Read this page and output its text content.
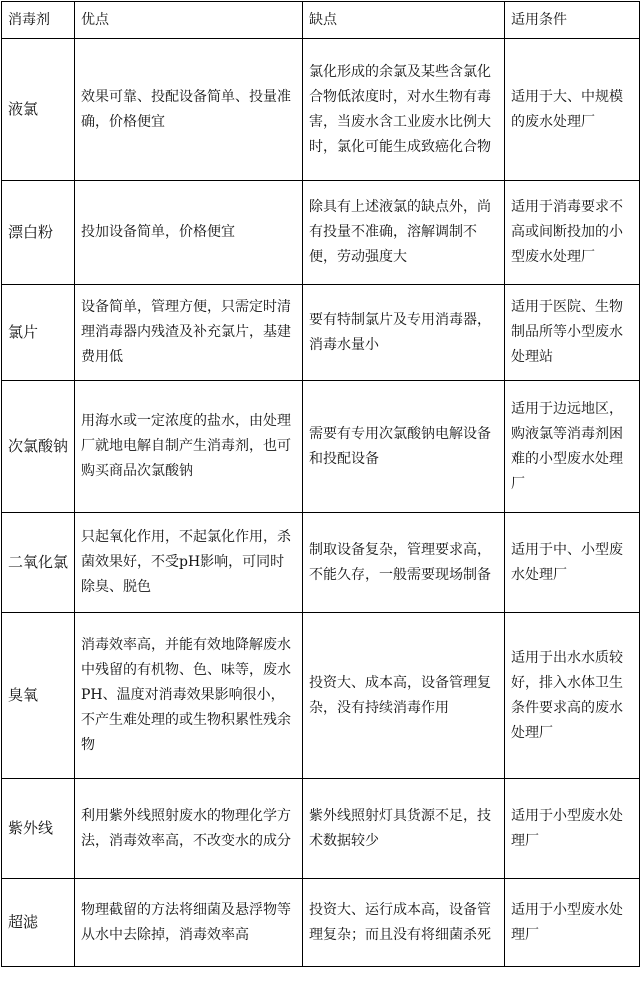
消毒剂	优点	缺点	适用条件
液氯	效果可靠、投配设备简单、投量准确，价格便宜	氯化形成的余氯及某些含氯化合物低浓度时，对水生物有毒害，当废水含工业废水比例大时，氯化可能生成致癌化合物	适用于大、中规模的废水处理厂
漂白粉	投加设备简单，价格便宜	除具有上述液氯的缺点外，尚有投量不准确，溶解调制不便，劳动强度大	适用于消毒要求不高或间断投加的小型废水处理厂
氯片	设备简单，管理方便，只需定时清理消毒器内残渣及补充氯片，基建费用低	要有特制氯片及专用消毒器，消毒水量小	适用于医院、生物制品所等小型废水处理站
次氯酸钠	用海水或一定浓度的盐水，由处理厂就地电解自制产生消毒剂，也可购买商品次氯酸钠	需要有专用次氯酸钠电解设备和投配设备	适用于边远地区，购液氯等消毒剂困难的小型废水处理厂
二氧化氯	只起氧化作用，不起氯化作用，杀菌效果好，不受pH影响，可同时除臭、脱色	制取设备复杂，管理要求高，不能久存，一般需要现场制备	适用于中、小型废水处理厂
臭氧	消毒效率高，并能有效地降解废水中残留的有机物、色、味等，废水PH、温度对消毒效果影响很小，不产生难处理的或生物积累性残余物	投资大、成本高，设备管理复杂，没有持续消毒作用	适用于出水水质较好，排入水体卫生条件要求高的废水处理厂
紫外线	利用紫外线照射废水的物理化学方法，消毒效率高，不改变水的成分	紫外线照射灯具货源不足，技术数据较少	适用于小型废水处理厂
超滤	物理截留的方法将细菌及悬浮物等从水中去除掉，消毒效率高	投资大、运行成本高，设备管理复杂；而且没有将细菌杀死	适用于小型废水处理厂
